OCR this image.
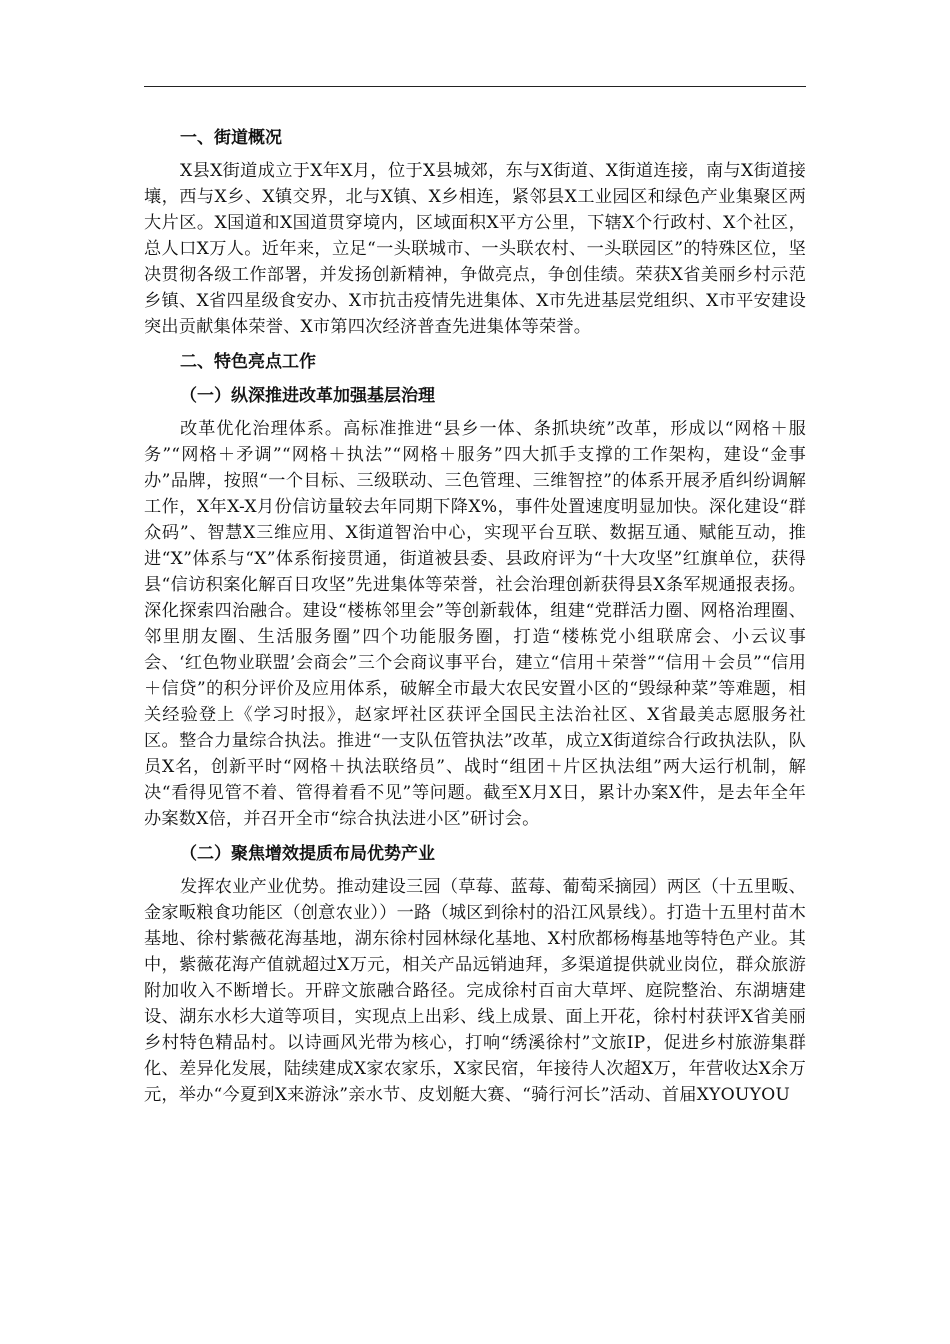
一、街道概况

X县X街道成立于X年X月，位于X县城郊，东与X街道、X街道连接，南与X街道接壤，西与X乡、X镇交界，北与X镇、X乡相连，紧邻县X工业园区和绿色产业集聚区两大片区。X国道和X国道贯穿境内，区域面积X平方公里，下辖X个行政村、X个社区，总人口X万人。近年来，立足“一头联城市、一头联农村、一头联园区”的特殊区位，坚决贯彻各级工作部署，并发扬创新精神，争做亮点，争创佳绩。荣获X省美丽乡村示范乡镇、X省四星级食安办、X市抗击疫情先进集体、X市先进基层党组织、X市平安建设突出贡献集体荣誉、X市第四次经济普查先进集体等荣誉。

二、特色亮点工作
（一）纵深推进改革加强基层治理

改革优化治理体系。高标准推进“县乡一体、条抓块统”改革，形成以“网格＋服务”“网格＋矛调”“网格＋执法”“网格＋服务”四大抓手支撑的工作架构，建设“金事办”品牌，按照“一个目标、三级联动、三色管理、三维智控”的体系开展矛盾纠纷调解工作，X年X-X月份信访量较去年同期下降X%，事件处置速度明显加快。深化建设“群众码”、智慧X三维应用、X街道智治中心，实现平台互联、数据互通、赋能互动，推进“X”体系与“X”体系衔接贯通，街道被县委、县政府评为“十大攻坚”红旗单位，获得县“信访积案化解百日攻坚”先进集体等荣誉，社会治理创新获得县X条军规通报表扬。深化探索四治融合。建设“楼栋邻里会”等创新载体，组建“党群活力圈、网格治理圈、邻里朋友圈、生活服务圈”四个功能服务圈，打造“楼栋党小组联席会、小云议事会、‘红色物业联盟’会商会”三个会商议事平台，建立“信用＋荣誉”“信用＋会员”“信用＋信贷”的积分评价及应用体系，破解全市最大农民安置小区的“毁绿种菜”等难题，相关经验登上《学习时报》，赵家坪社区获评全国民主法治社区、X省最美志愿服务社区。整合力量综合执法。推进“一支队伍管执法”改革，成立X街道综合行政执法队，队员X名，创新平时“网格＋执法联络员”、战时“组团＋片区执法组”两大运行机制，解决“看得见管不着、管得着看不见”等问题。截至X月X日，累计办案X件，是去年全年办案数X倍，并召开全市“综合执法进小区”研讨会。

（二）聚焦增效提质布局优势产业

发挥农业产业优势。推动建设三园（草莓、蓝莓、葡萄采摘园）两区（十五里畈、金家畈粮食功能区（创意农业））一路（城区到徐村的沿江风景线）。打造十五里村苗木基地、徐村紫薇花海基地，湖东徐村园林绿化基地、X村欣都杨梅基地等特色产业。其中，紫薇花海产值就超过X万元，相关产品远销迪拜，多渠道提供就业岗位，群众旅游附加收入不断增长。开辟文旅融合路径。完成徐村百亩大草坪、庭院整治、东湖塘建设、湖东水杉大道等项目，实现点上出彩、线上成景、面上开花，徐村村获评X省美丽乡村特色精品村。以诗画风光带为核心，打响“绣溪徐村”文旅IP，促进乡村旅游集群化、差异化发展，陆续建成X家农家乐，X家民宿，年接待人次超X万，年营收达X余万元，举办“今夏到X来游泳”亲水节、皮划艇大赛、“骑行河长”活动、首届XYOUYOU
